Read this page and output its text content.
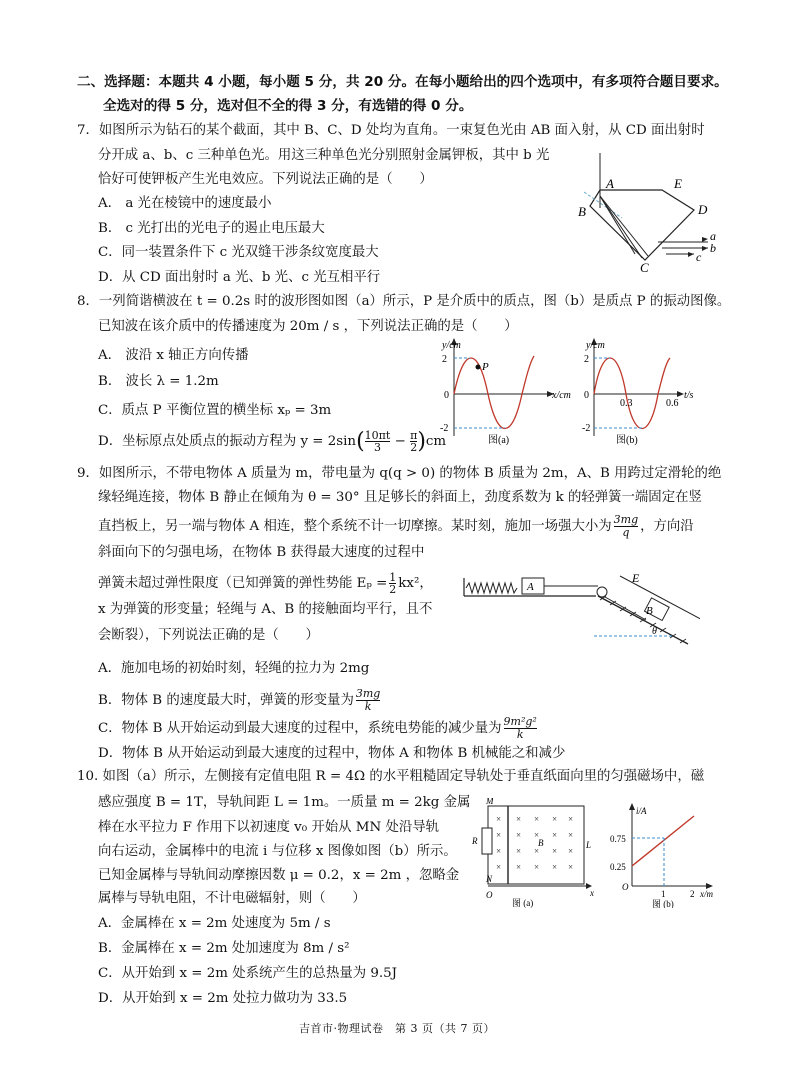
二、选择题：本题共 4 小题，每小题 5 分，共 20 分。在每小题给出的四个选项中，有多项符合题目要求。
全选对的得 5 分，选对但不全的得 3 分，有选错的得 0 分。
7．如图所示为钻石的某个截面，其中 B、C、D 处均为直角。一束复色光由 AB 面入射，从 CD 面出射时
分开成 a、b、c 三种单色光。用这三种单色光分别照射金属钾板，其中 b 光
恰好可使钾板产生光电效应。下列说法正确的是（　　）
A． a 光在棱镜中的速度最小
B． c 光打出的光电子的遏止电压最大
C．同一装置条件下 c 光双缝干涉条纹宽度最大
D．从 CD 面出射时 a 光、b 光、c 光互相平行
A
B
C
D
E
a
b
c
8．一列简谐横波在 t = 0.2s 时的波形图如图（a）所示，P 是介质中的质点，图（b）是质点 P 的振动图像。
已知波在该介质中的传播速度为 20m / s ，下列说法正确的是（　　）
A． 波沿 x 轴正方向传播
B． 波长 λ = 1.2m
C．质点 P 平衡位置的横坐标 xₚ = 3m
D．坐标原点处质点的振动方程为 $y = 2\sin( \frac{10\pi t}{3} - \frac{\pi}{2} )cm$
y/cm
2
-2
0
P
x/cm
图(a)
y/cm
2
-2
0
0.3	0.6
t/s
图(b)
9．如图所示，不带电物体 A 质量为 m，带电量为 q(q > 0) 的物体 B 质量为 2m，A、B 用跨过定滑轮的绝
缘轻绳连接，物体 B 静止在倾角为 θ = 30° 且足够长的斜面上，劲度系数为 k 的轻弹簧一端固定在竖
直挡板上，另一端与物体 A 相连，整个系统不计一切摩擦。某时刻，施加一场强大小为 $\frac{3mg}{q}$ ，方向沿
斜面向下的匀强电场，在物体 B 获得最大速度的过程中
弹簧未超过弹性限度（已知弹簧的弹性势能 $E_p = \frac{1}{2} kx^2$，
x 为弹簧的形变量；轻绳与 A、B 的接触面均平行，且不
会断裂），下列说法正确的是（　　）
A．施加电场的初始时刻，轻绳的拉力为 2mg
B．物体 B 的速度最大时，弹簧的形变量为 $\frac{3mg}{k}$
C．物体 B 从开始运动到最大速度的过程中，系统电势能的减少量为 $\frac{\text{9m²g²}}{k}$
D．物体 B 从开始运动到最大速度的过程中，物体 A 和物体 B 机械能之和减少
A
B
E
θ
10. 如图（a）所示，左侧接有定值电阻 R = 4Ω 的水平粗糙固定导轨处于垂直纸面向里的匀强磁场中，磁
感应强度 B = 1T，导轨间距 L = 1m。一质量 m = 2kg 金属
棒在水平拉力 F 作用下以初速度 v₀ 开始从 MN 处沿导轨
向右运动，金属棒中的电流 i 与位移 x 图像如图（b）所示。
已知金属棒与导轨间动摩擦因数 μ = 0.2，x = 2m ，忽略金
属棒与导轨电阻，不计电磁辐射，则（　　）
A．金属棒在 x = 2m 处速度为 5m / s
B．金属棒在 x = 2m 处加速度为 8m / s²
C．从开始到 x = 2m 处系统产生的总热量为 9.5J
D．从开始到 x = 2m 处拉力做功为 33.5
× × × × ×
× × × × ×
× × × × ×
× × × × ×
M
N
R	B	L
O	x
图 (a)
i/A
0.75
0.25
O
1	2 x/m
图 (b)
吉首市·物理试卷　第 3 页（共 7 页）
